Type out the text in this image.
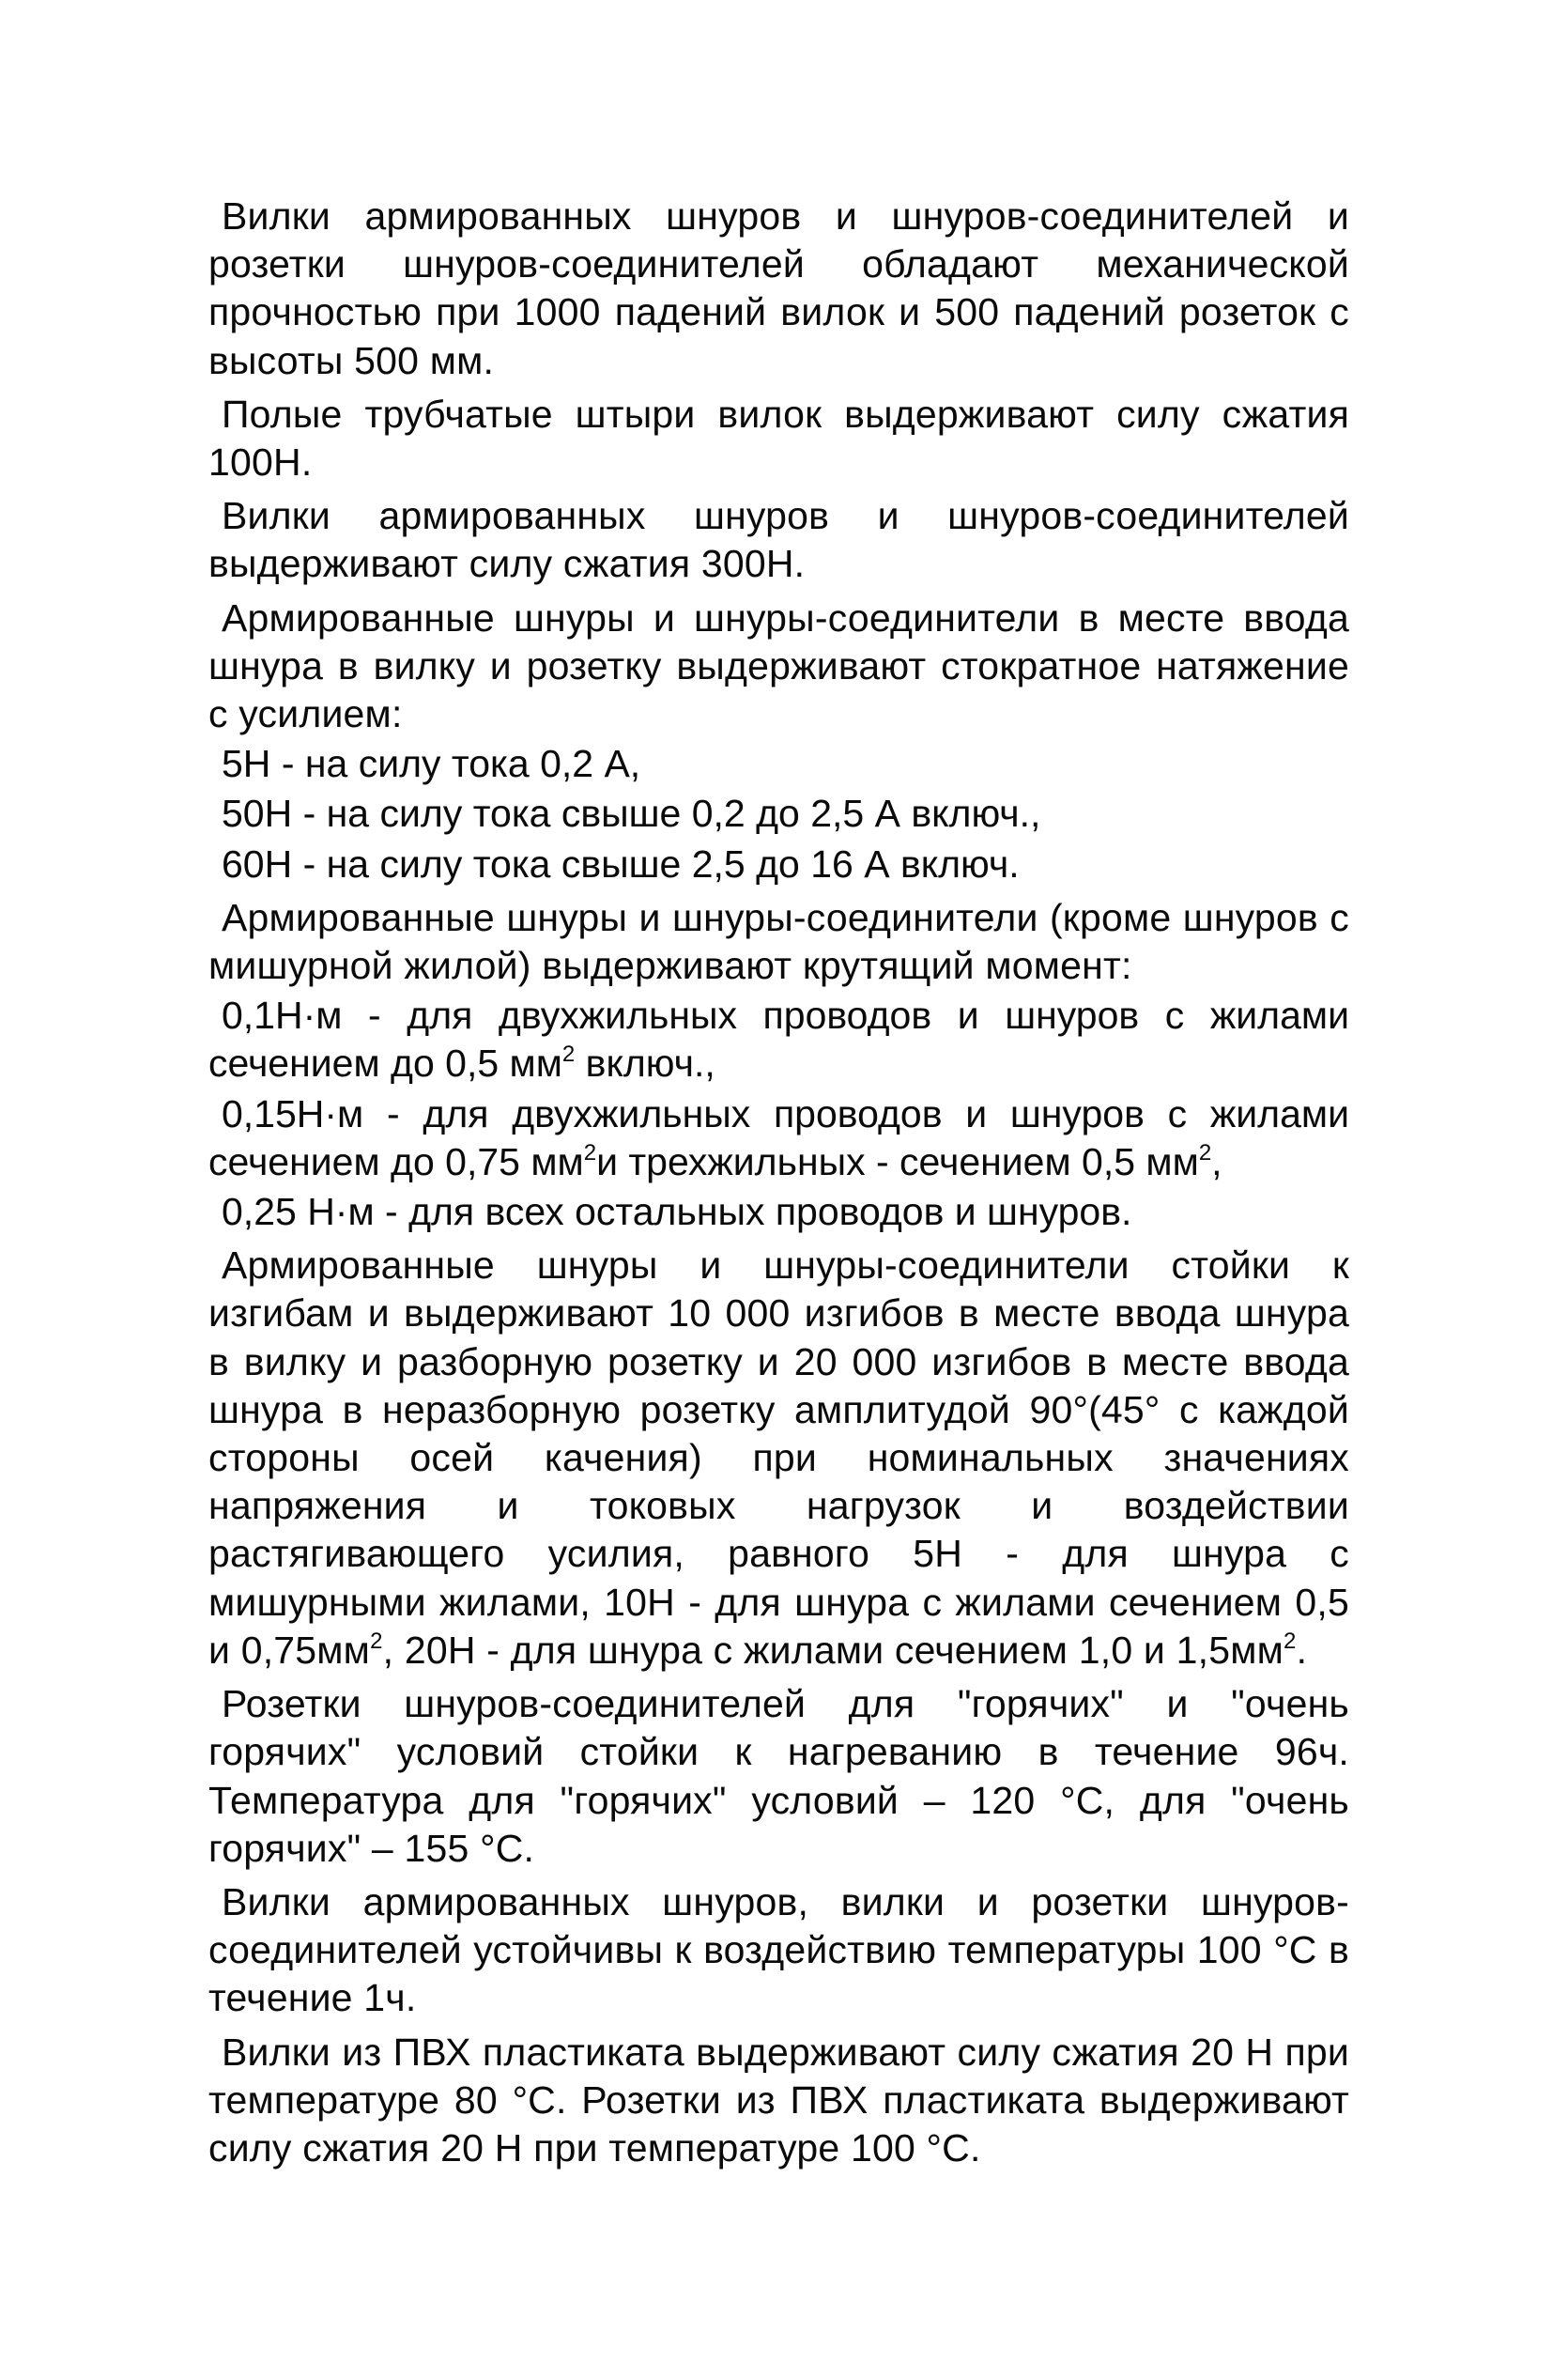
Вилки армированных шнуров и шнуров-соединителей и розетки шнуров-соединителей обладают механической прочностью при 1000 падений вилок и 500 падений розеток с высоты 500 мм.

Полые трубчатые штыри вилок выдерживают силу сжатия 100Н.

Вилки армированных шнуров и шнуров-соединителей выдерживают силу сжатия 300Н.

Армированные шнуры и шнуры-соединители в месте ввода шнура в вилку и розетку выдерживают стократное натяжение с усилием:

5Н - на силу тока 0,2 А,
50Н - на силу тока свыше 0,2 до 2,5 А включ.,
60Н - на силу тока свыше 2,5 до 16 А включ.

Армированные шнуры и шнуры-соединители (кроме шнуров с мишурной жилой) выдерживают крутящий момент:

0,1Н·м - для двухжильных проводов и шнуров с жилами сечением до 0,5 $мм^2$ включ.,
0,15Н·м - для двухжильных проводов и шнуров с жилами сечением до 0,75 $мм^2и$ трехжильных - сечением 0,5 $мм^2$,
0,25 Н·м - для всех остальных проводов и шнуров.

Армированные шнуры и шнуры-соединители стойки к изгибам и выдерживают 10 000 изгибов в месте ввода шнура в вилку и разборную розетку и 20 000 изгибов в месте ввода шнура в неразборную розетку амплитудой 90°(45° с каждой стороны осей качения) при номинальных значениях напряжения и токовых нагрузок и воздействии растягивающего усилия, равного 5Н - для шнура с мишурными жилами, 10Н - для шнура с жилами сечением 0,5 и $0,75мм^2$, 20Н - для шнура с жилами сечением 1,0 и $1,5мм^2$.

Розетки шнуров-соединителей для "горячих" и "очень горячих" условий стойки к нагреванию в течение 96ч. Температура для "горячих" условий – 120 °С, для "очень горячих" – 155 °С.

Вилки армированных шнуров, вилки и розетки шнуров-соединителей устойчивы к воздействию температуры 100 °С в течение 1ч.

Вилки из ПВХ пластиката выдерживают силу сжатия 20 Н при температуре 80 °С. Розетки из ПВХ пластиката выдерживают силу сжатия 20 Н при температуре 100 °С.
